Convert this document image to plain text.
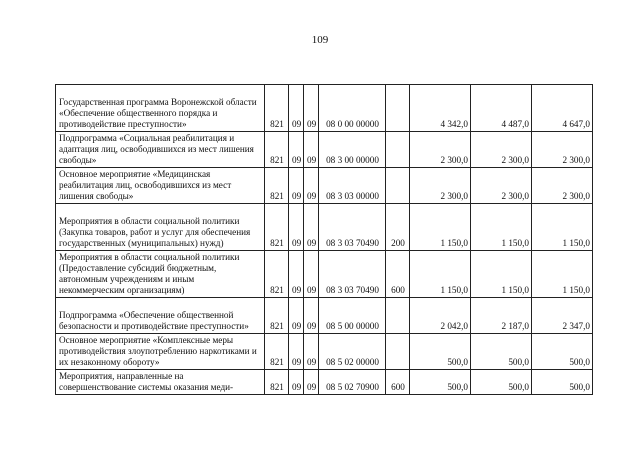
109
Государственная программа Воронежской области «Обеспечение общественного порядка и противодействие преступности»	821	09	09	08 0 00 00000		4 342,0	4 487,0	4 647,0
Подпрограмма «Социальная реабилитация и адаптация лиц, освободившихся из мест лишения свободы»	821	09	09	08 3 00 00000		2 300,0	2 300,0	2 300,0
Основное мероприятие «Медицинская реабилитация лиц, освободившихся из мест лишения свободы»	821	09	09	08 3 03 00000		2 300,0	2 300,0	2 300,0
Мероприятия в области социальной политики (Закупка товаров, работ и услуг для обеспечения государственных (муниципальных) нужд)	821	09	09	08 3 03 70490	200	1 150,0	1 150,0	1 150,0
Мероприятия в области социальной политики (Предоставление субсидий бюджетным, автономным учреждениям и иным некоммерческим организациям)	821	09	09	08 3 03 70490	600	1 150,0	1 150,0	1 150,0
Подпрограмма «Обеспечение общественной безопасности и противодействие преступности»	821	09	09	08 5 00 00000		2 042,0	2 187,0	2 347,0
Основное мероприятие «Комплексные меры противодействия злоупотреблению наркотиками и их незаконному обороту»	821	09	09	08 5 02 00000		500,0	500,0	500,0
Мероприятия, направленные на совершенствование системы оказания меди-	821	09	09	08 5 02 70900	600	500,0	500,0	500,0
